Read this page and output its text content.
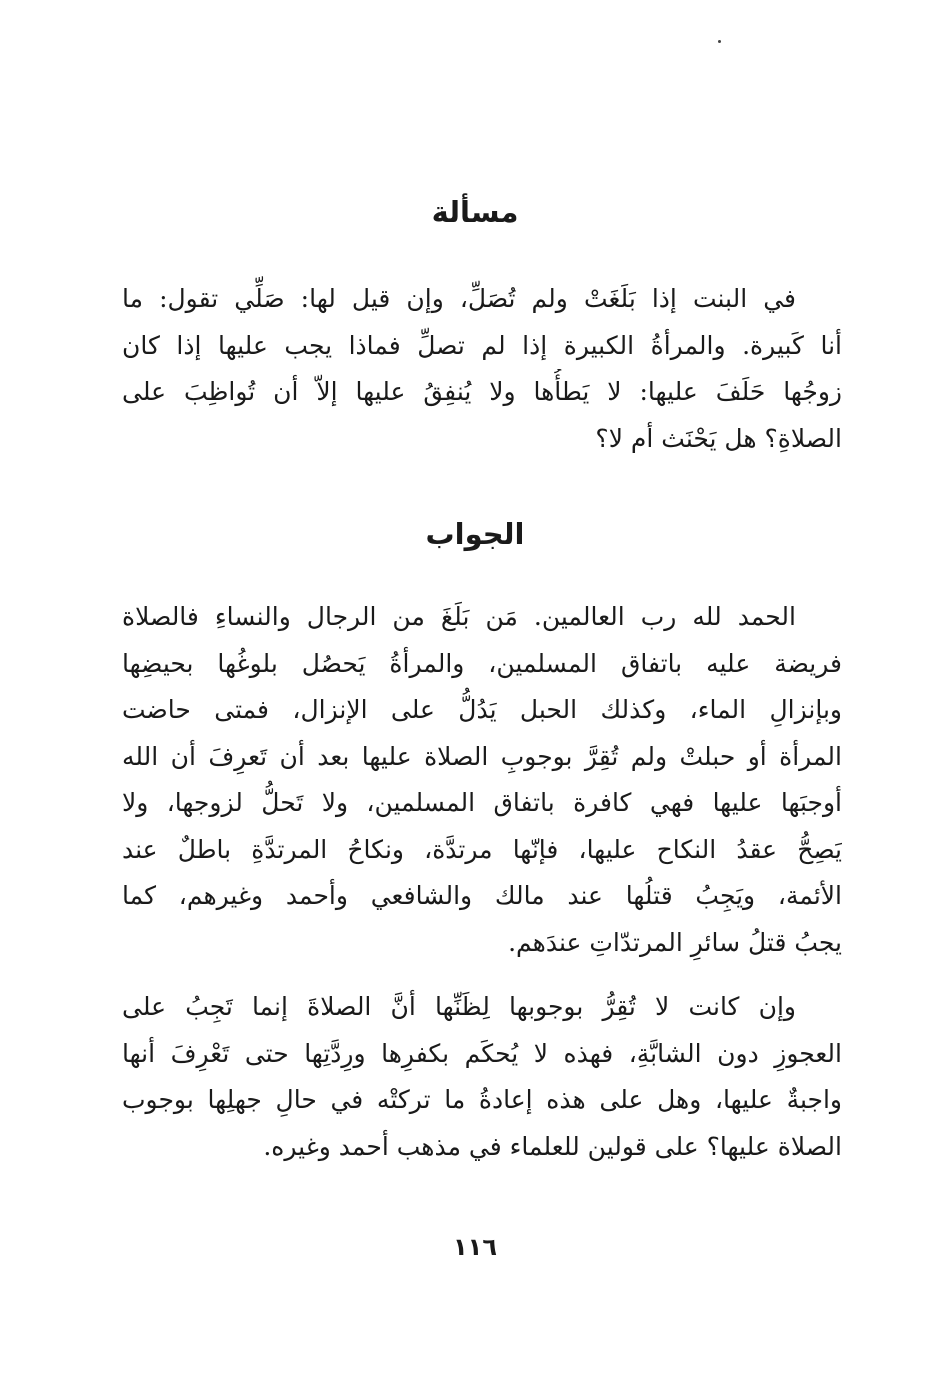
مسألة
في البنت إذا بَلَغَتْ ولم تُصَلِّ، وإن قيل لها: صَلِّي تقول: ما
أنا كَبيرة. والمرأةُ الكبيرة إذا لم تصلِّ فماذا يجب عليها إذا كان
زوجُها حَلَفَ عليها: لا يَطأُها ولا يُنفِقُ عليها إلاّ أن تُواظِبَ على
الصلاةِ؟ هل يَحْنَث أم لا؟
الجواب
الحمد لله رب العالمين. مَن بَلَغَ من الرجال والنساءِ فالصلاة
فريضة عليه باتفاق المسلمين، والمرأةُ يَحصُل بلوغُها بحيضِها
وبإنزالِ الماء، وكذلك الحبل يَدُلُّ على الإنزال، فمتى حاضت
المرأة أو حبلتْ ولم تُقِرَّ بوجوبِ الصلاة عليها بعد أن تَعرِفَ أن الله
أوجبَها عليها فهي كافرة باتفاق المسلمين، ولا تَحلُّ لزوجها، ولا
يَصِحُّ عقدُ النكاح عليها، فإنّها مرتدَّة، ونكاحُ المرتدَّةِ باطلٌ عند
الأئمة، ويَجِبُ قتلُها عند مالك والشافعي وأحمد وغيرهم، كما
يجبُ قتلُ سائرِ المرتدّاتِ عندَهم.
وإن كانت لا تُقِرُّ بوجوبها لِظَنِّها أنَّ الصلاةَ إنما تَجِبُ على
العجوزِ دون الشابَّةِ، فهذه لا يُحكَم بكفرِها ورِدَّتِها حتى تَعْرِفَ أنها
واجبةٌ عليها، وهل على هذه إعادةُ ما تركتْه في حالِ جهلِها بوجوب
الصلاة عليها؟ على قولين للعلماء في مذهب أحمد وغيره.
١١٦
